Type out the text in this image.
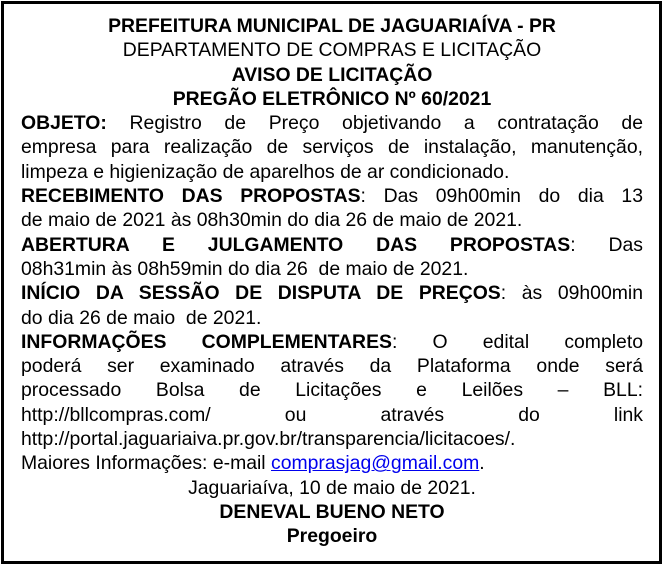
PREFEITURA MUNICIPAL DE JAGUARIAÍVA - PR
DEPARTAMENTO DE COMPRAS E LICITAÇÃO
AVISO DE LICITAÇÃO
PREGÃO ELETRÔNICO Nº 60/2021
OBJETO: Registro de Preço objetivando a contratação de
empresa para realização de serviços de instalação, manutenção,
limpeza e higienização de aparelhos de ar condicionado.
RECEBIMENTO DAS PROPOSTAS: Das 09h00min do dia 13
de maio de 2021 às 08h30min do dia 26 de maio de 2021.
ABERTURA E JULGAMENTO DAS PROPOSTAS: Das
08h31min às 08h59min do dia 26  de maio de 2021.
INÍCIO DA SESSÃO DE DISPUTA DE PREÇOS: às 09h00min
do dia 26 de maio  de 2021.
INFORMAÇÕES COMPLEMENTARES: O edital completo
poderá ser examinado através da Plataforma onde será
processado Bolsa de Licitações e Leilões – BLL:
http://bllcompras.com/ ou através do link
http://portal.jaguariaiva.pr.gov.br/transparencia/licitacoes/.
Maiores Informações: e-mail comprasjag@gmail.com.
Jaguariaíva, 10 de maio de 2021.
DENEVAL BUENO NETO
Pregoeiro
